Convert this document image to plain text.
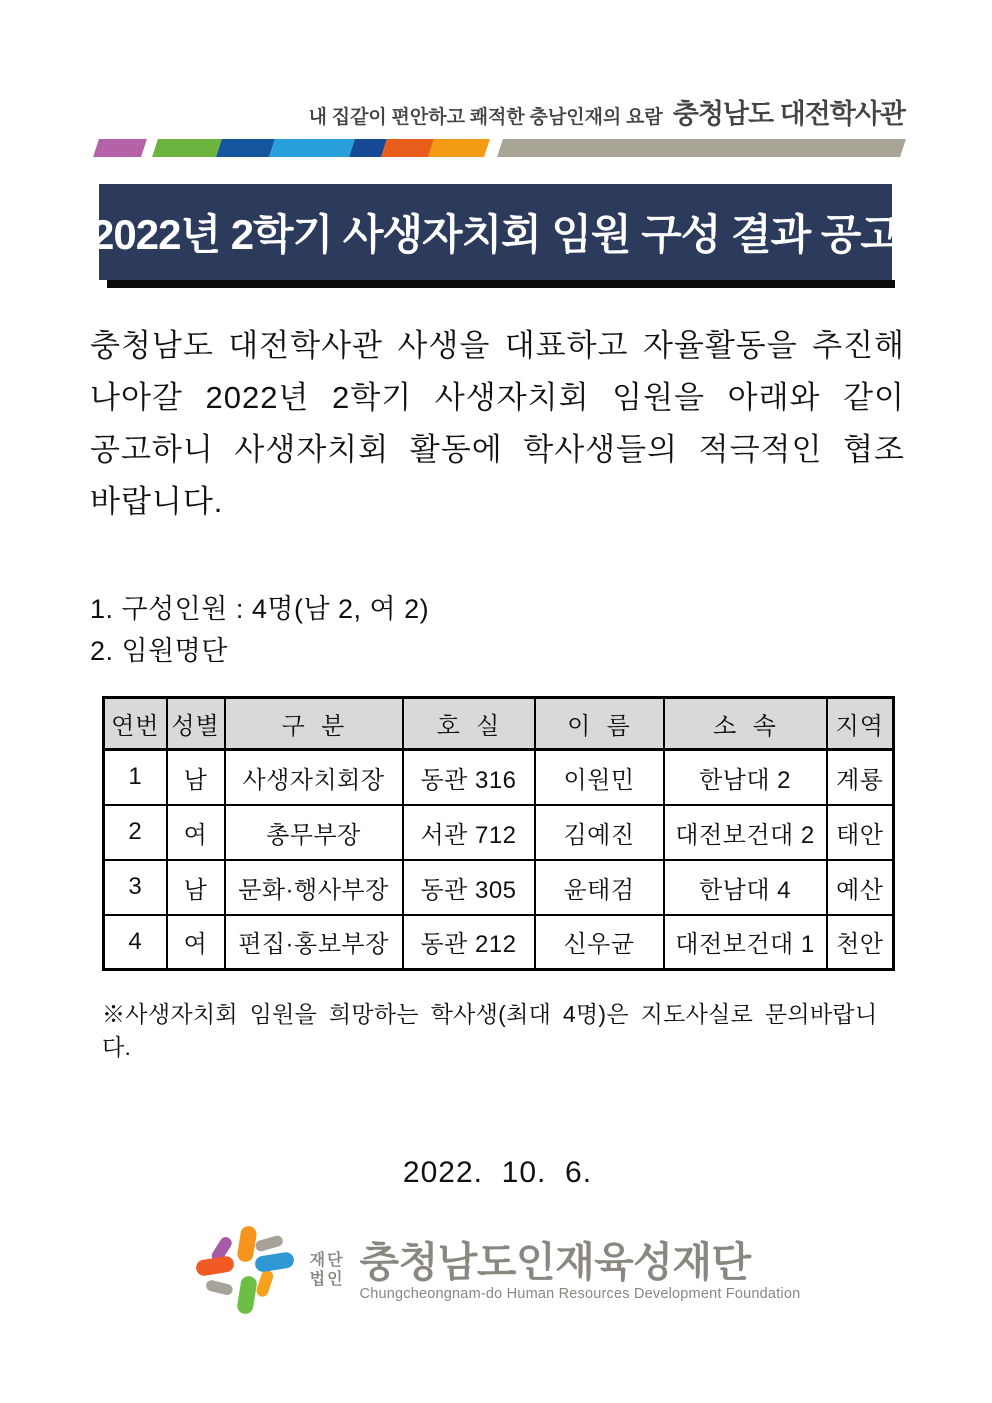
내 집같이 편안하고 쾌적한 충남인재의 요람 충청남도 대전학사관
2022년 2학기 사생자치회 임원 구성 결과 공고
충청남도 대전학사관 사생을 대표하고 자율활동을 추진해
나아갈 2022년 2학기 사생자치회 임원을 아래와 같이
공고하니 사생자치회 활동에 학사생들의 적극적인 협조
바랍니다.
1. 구성인원 : 4명(남 2, 여 2)
2. 임원명단
연번	성별	구  분	호  실	이  름	소  속	지역
1	남	사생자치회장	동관 316	이원민	한남대 2	계룡
2	여	총무부장	서관 712	김예진	대전보건대 2	태안
3	남	문화·행사부장	동관 305	윤태검	한남대 4	예산
4	여	편집·홍보부장	동관 212	신우균	대전보건대 1	천안
※사생자치회 임원을 희망하는 학사생(최대 4명)은 지도사실로 문의바랍니다.
2022.  10.  6.
재단
법인 충청남도인재육성재단
Chungcheongnam-do Human Resources Development Foundation
